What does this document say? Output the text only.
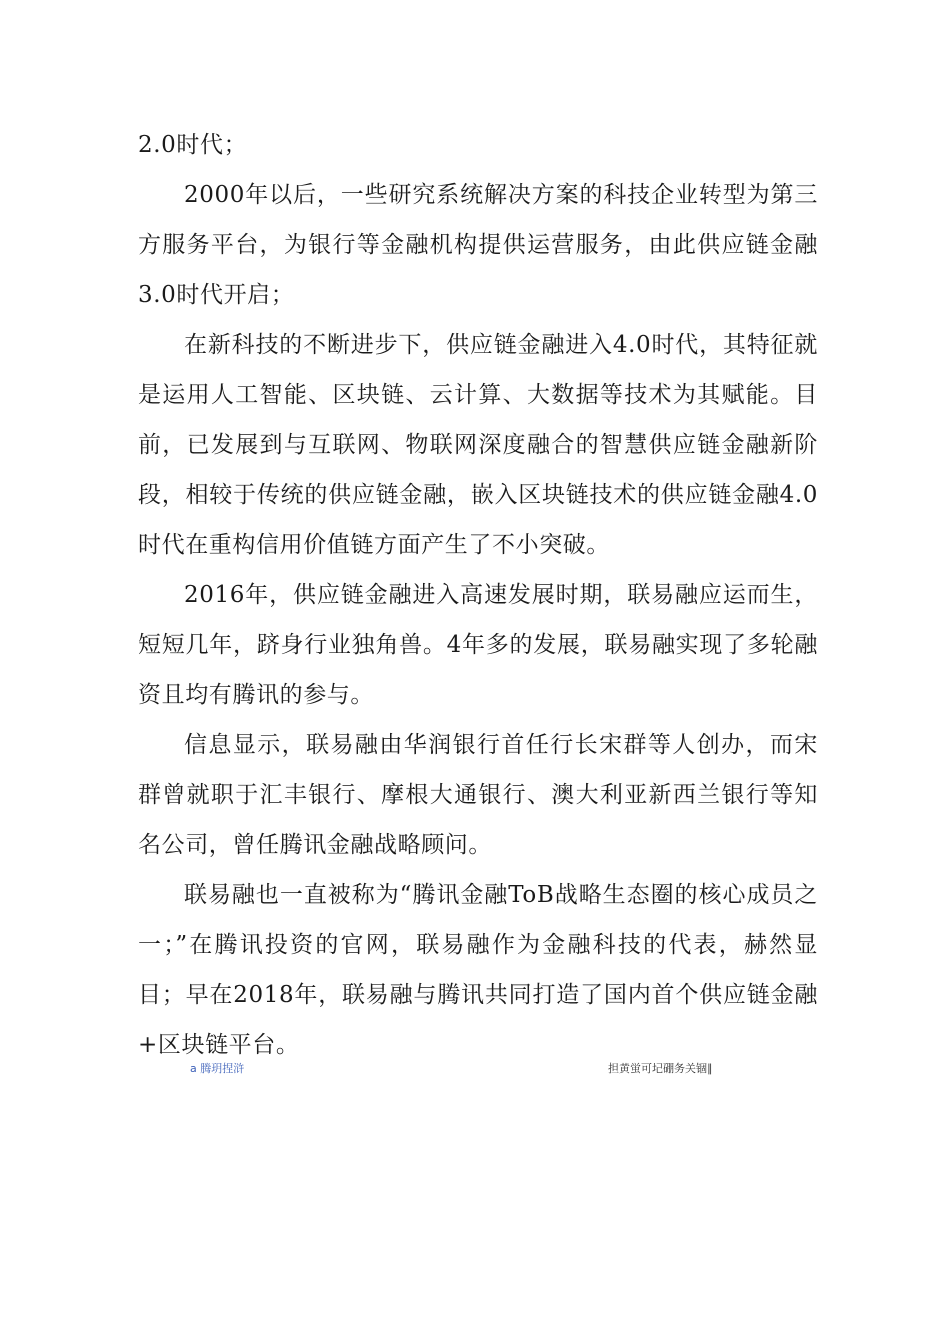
2.0时代；

2000年以后，一些研究系统解决方案的科技企业转型为第三方服务平台，为银行等金融机构提供运营服务，由此供应链金融3.0时代开启；

在新科技的不断进步下，供应链金融进入4.0时代，其特征就是运用人工智能、区块链、云计算、大数据等技术为其赋能。目前，已发展到与互联网、物联网深度融合的智慧供应链金融新阶段，相较于传统的供应链金融，嵌入区块链技术的供应链金融4.0时代在重构信用价值链方面产生了不小突破。

2016年，供应链金融进入高速发展时期，联易融应运而生，短短几年，跻身行业独角兽。4年多的发展，联易融实现了多轮融资且均有腾讯的参与。

信息显示，联易融由华润银行首任行长宋群等人创办，而宋群曾就职于汇丰银行、摩根大通银行、澳大利亚新西兰银行等知名公司，曾任腾讯金融战略顾问。

联易融也一直被称为“腾讯金融ToB战略生态圈的核心成员之一；”在腾讯投资的官网，联易融作为金融科技的代表，赫然显目；早在2018年，联易融与腾讯共同打造了国内首个供应链金融+区块链平台。

a 腾玥捏浒	担黄蛍可圮硼务关锢∥
